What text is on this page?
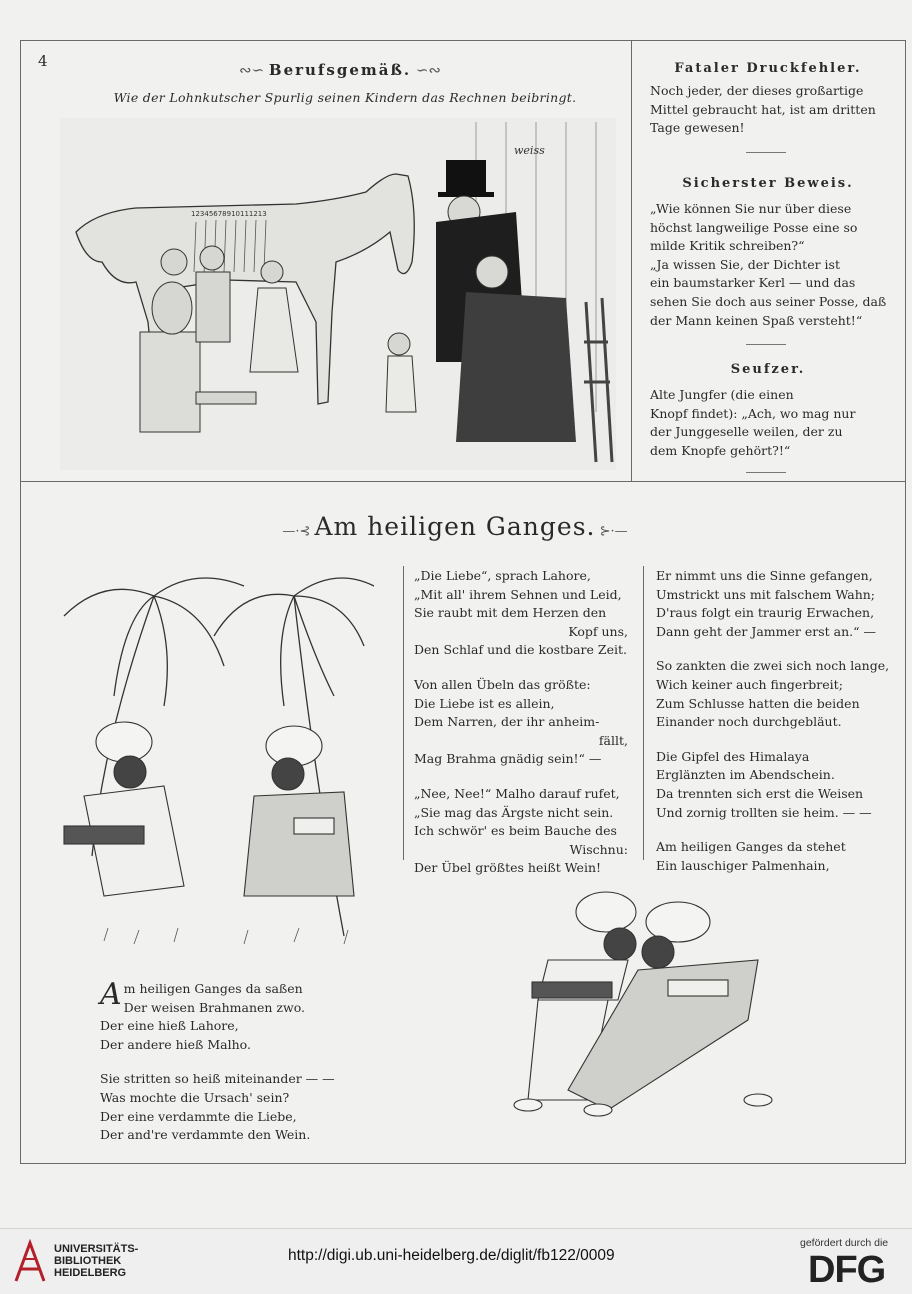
4	∾∽ Berufsgemäß. ∽∾
Wie der Lohnkutscher Spurlig seinen Kindern das Rechnen beibringt.
12345678910111213
weiss
Fataler Druckfehler.
Noch jeder, der dieses großartige
Mittel gebraucht hat, ist am dritten
Tage gewesen!
Sicherster Beweis.
„Wie können Sie nur über diese
höchst langweilige Posse eine so
milde Kritik schreiben?“
„Ja wissen Sie, der Dichter ist
ein baumstarker Kerl — und das
sehen Sie doch aus seiner Posse, daß
der Mann keinen Spaß versteht!“
Seufzer.
Alte Jungfer (die einen
Knopf findet): „Ach, wo mag nur
der Junggeselle weilen, der zu
dem Knopfe gehört?!“
—·⊰ Am heiligen Ganges. ⊱·—
„Die Liebe“, sprach Lahore,
„Mit all' ihrem Sehnen und Leid,
Sie raubt mit dem Herzen den
Kopf uns,
Den Schlaf und die kostbare Zeit.
Von allen Übeln das größte:
Die Liebe ist es allein,
Dem Narren, der ihr anheim-
fällt,
Mag Brahma gnädig sein!“ —
„Nee, Nee!“ Malho darauf rufet,
„Sie mag das Ärgste nicht sein.
Ich schwör' es beim Bauche des
Wischnu:
Der Übel größtes heißt Wein!
Er nimmt uns die Sinne gefangen,
Umstrickt uns mit falschem Wahn;
D'raus folgt ein traurig Erwachen,
Dann geht der Jammer erst an.“ —
So zankten die zwei sich noch lange,
Wich keiner auch fingerbreit;
Zum Schlusse hatten die beiden
Einander noch durchgebläut.
Die Gipfel des Himalaya
Erglänzten im Abendschein.
Da trennten sich erst die Weisen
Und zornig trollten sie heim. — —
Am heiligen Ganges da stehet
Ein lauschiger Palmenhain,
A m heiligen Ganges da saßen
Der weisen Brahmanen zwo.
Der eine hieß Lahore,
Der andere hieß Malho.
Sie stritten so heiß miteinander — —
Was mochte die Ursach' sein?
Der eine verdammte die Liebe,
Der and're verdammte den Wein.
UNIVERSITÄTS-
BIBLIOTHEK
HEIDELBERG
http://digi.ub.uni-heidelberg.de/diglit/fb122/0009
gefördert durch die
DFG
